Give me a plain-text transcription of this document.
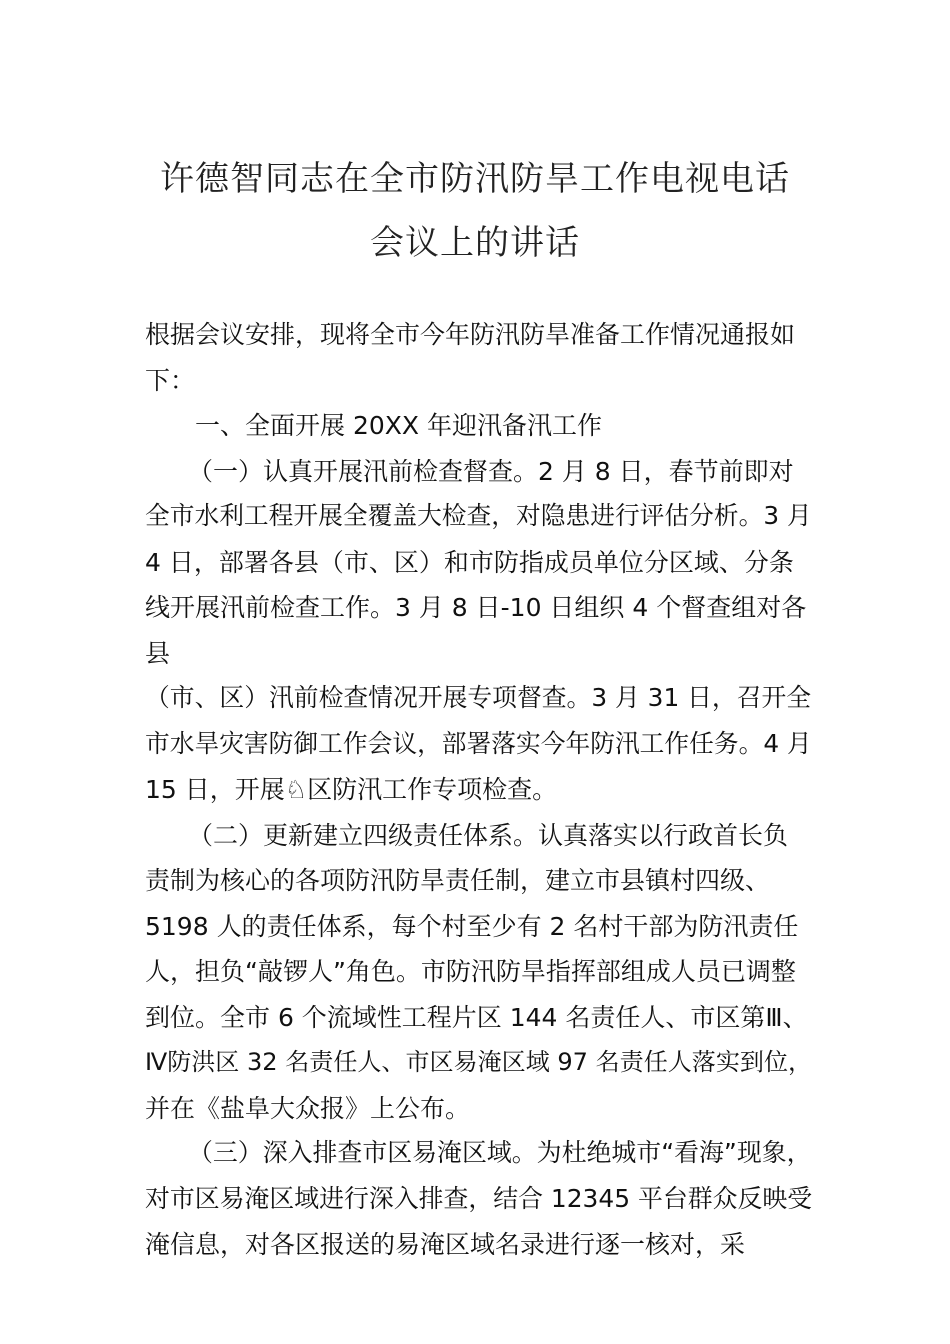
许德智同志在全市防汛防旱工作电视电话
会议上的讲话
根据会议安排，现将全市今年防汛防旱准备工作情况通报如
下：
一、全面开展 20XX 年迎汛备汛工作
（一）认真开展汛前检查督查。2 月 8 日，春节前即对
全市水利工程开展全覆盖大检查，对隐患进行评估分析。3 月
4 日，部署各县（市、区）和市防指成员单位分区域、分条
线开展汛前检查工作。3 月 8 日-10 日组织 4 个督查组对各
县
（市、区）汛前检查情况开展专项督查。3 月 31 日，召开全
市水旱灾害防御工作会议，部署落实今年防汛工作任务。4 月
15 日，开展♘区防汛工作专项检查。
（二）更新建立四级责任体系。认真落实以行政首长负
责制为核心的各项防汛防旱责任制，建立市县镇村四级、
5198 人的责任体系，每个村至少有 2 名村干部为防汛责任
人，担负“敲锣人”角色。市防汛防旱指挥部组成人员已调整
到位。全市 6 个流域性工程片区 144 名责任人、市区第Ⅲ、
Ⅳ防洪区 32 名责任人、市区易淹区域 97 名责任人落实到位，
并在《盐阜大众报》上公布。
（三）深入排查市区易淹区域。为杜绝城市“看海”现象，
对市区易淹区域进行深入排查，结合 12345 平台群众反映受
淹信息，对各区报送的易淹区域名录进行逐一核对，采
